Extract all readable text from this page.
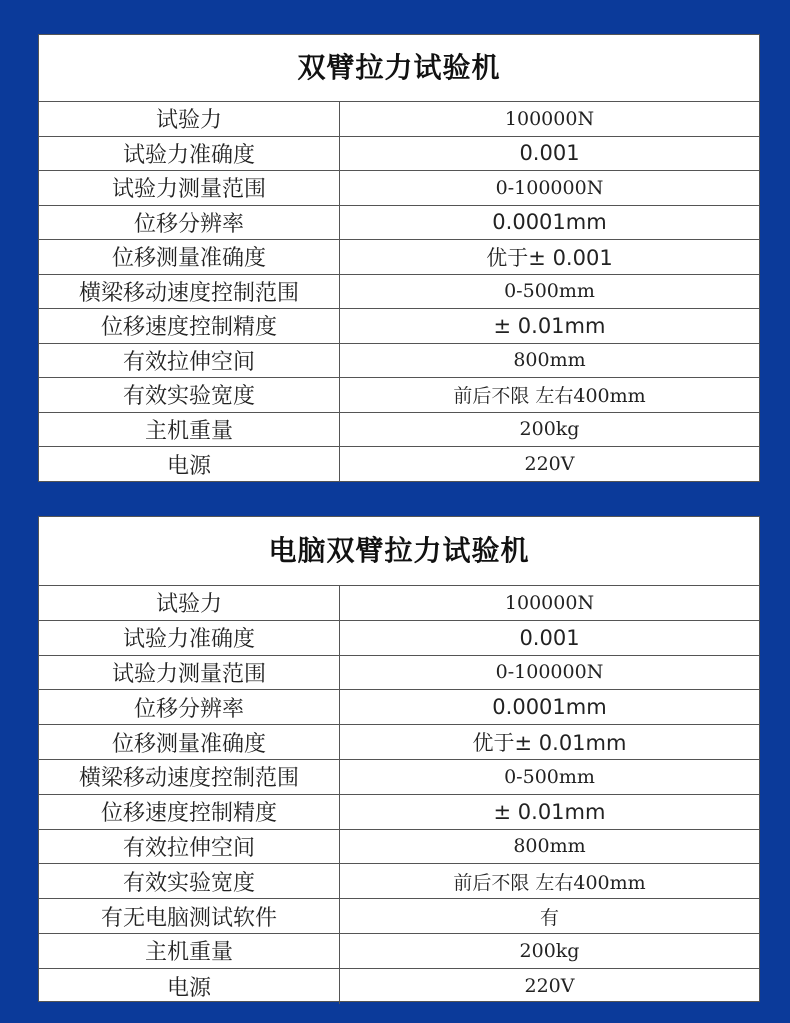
双臂拉力试验机
试验力	100000N
试验力准确度	0.001
试验力测量范围	0-100000N
位移分辨率	0.0001mm
位移测量准确度	优于± 0.001
横梁移动速度控制范围	0-500mm
位移速度控制精度	± 0.01mm
有效拉伸空间	800mm
有效实验宽度	前后不限 左右400mm
主机重量	200kg
电源	220V
电脑双臂拉力试验机
试验力	100000N
试验力准确度	0.001
试验力测量范围	0-100000N
位移分辨率	0.0001mm
位移测量准确度	优于± 0.01mm
横梁移动速度控制范围	0-500mm
位移速度控制精度	± 0.01mm
有效拉伸空间	800mm
有效实验宽度	前后不限 左右400mm
有无电脑测试软件	有
主机重量	200kg
电源	220V
